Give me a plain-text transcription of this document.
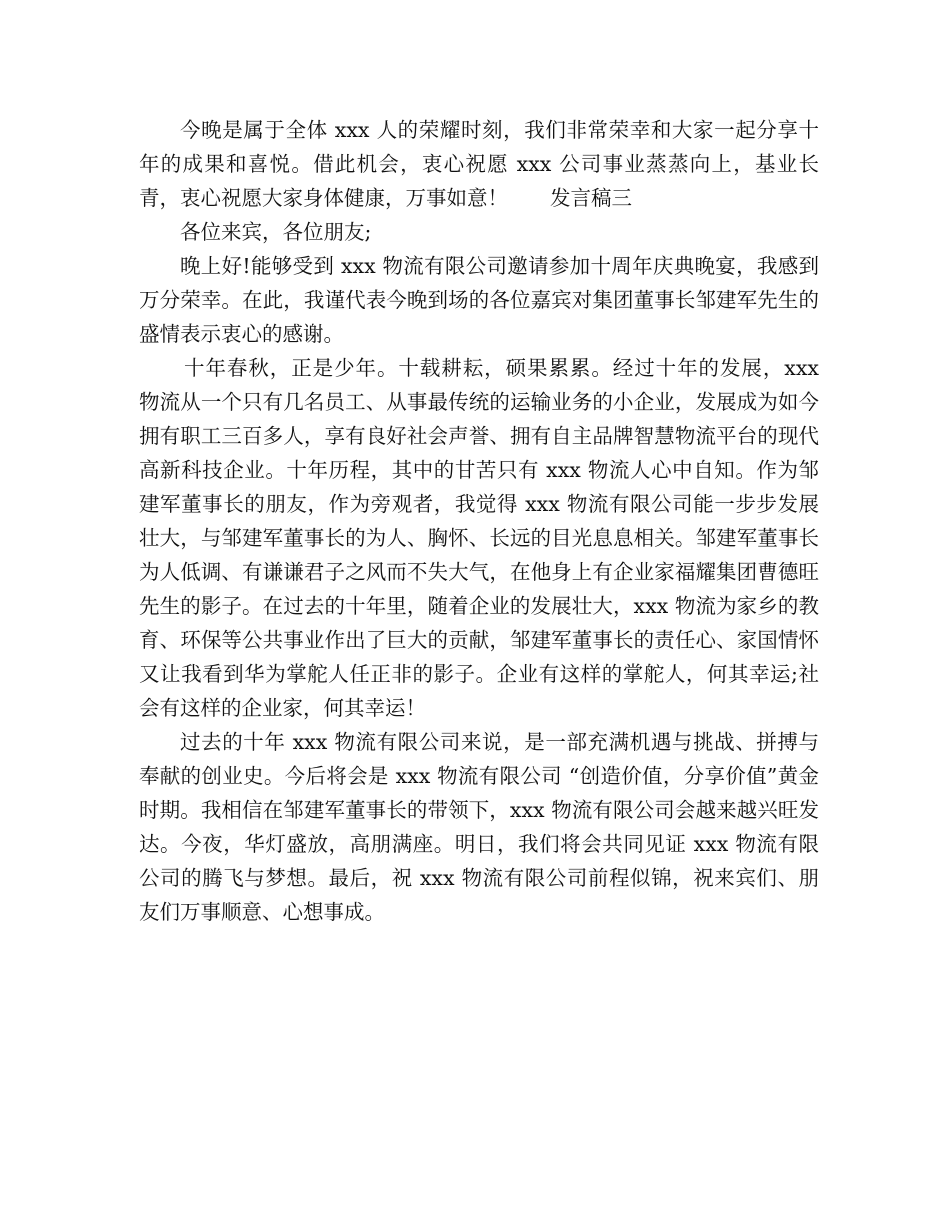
今晚是属于全体 xxx 人的荣耀时刻，我们非常荣幸和大家一起分享十年的成果和喜悦。借此机会，衷心祝愿 xxx 公司事业蒸蒸向上，基业长青，衷心祝愿大家身体健康，万事如意！ 发言稿三

各位来宾，各位朋友;

晚上好!能够受到 xxx 物流有限公司邀请参加十周年庆典晚宴，我感到万分荣幸。在此，我谨代表今晚到场的各位嘉宾对集团董事长邹建军先生的盛情表示衷心的感谢。

十年春秋，正是少年。十载耕耘，硕果累累。经过十年的发展，xxx 物流从一个只有几名员工、从事最传统的运输业务的小企业，发展成为如今拥有职工三百多人，享有良好社会声誉、拥有自主品牌智慧物流平台的现代高新科技企业。十年历程，其中的甘苦只有 xxx 物流人心中自知。作为邹建军董事长的朋友，作为旁观者，我觉得 xxx 物流有限公司能一步步发展壮大，与邹建军董事长的为人、胸怀、长远的目光息息相关。邹建军董事长为人低调、有谦谦君子之风而不失大气，在他身上有企业家福耀集团曹德旺先生的影子。在过去的十年里，随着企业的发展壮大，xxx 物流为家乡的教育、环保等公共事业作出了巨大的贡献，邹建军董事长的责任心、家国情怀又让我看到华为掌舵人任正非的影子。企业有这样的掌舵人，何其幸运;社会有这样的企业家，何其幸运！

过去的十年 xxx 物流有限公司来说，是一部充满机遇与挑战、拼搏与奉献的创业史。今后将会是 xxx 物流有限公司 “创造价值，分享价值”黄金时期。我相信在邹建军董事长的带领下，xxx 物流有限公司会越来越兴旺发达。今夜，华灯盛放，高朋满座。明日，我们将会共同见证 xxx 物流有限公司的腾飞与梦想。最后，祝 xxx 物流有限公司前程似锦，祝来宾们、朋友们万事顺意、心想事成。
